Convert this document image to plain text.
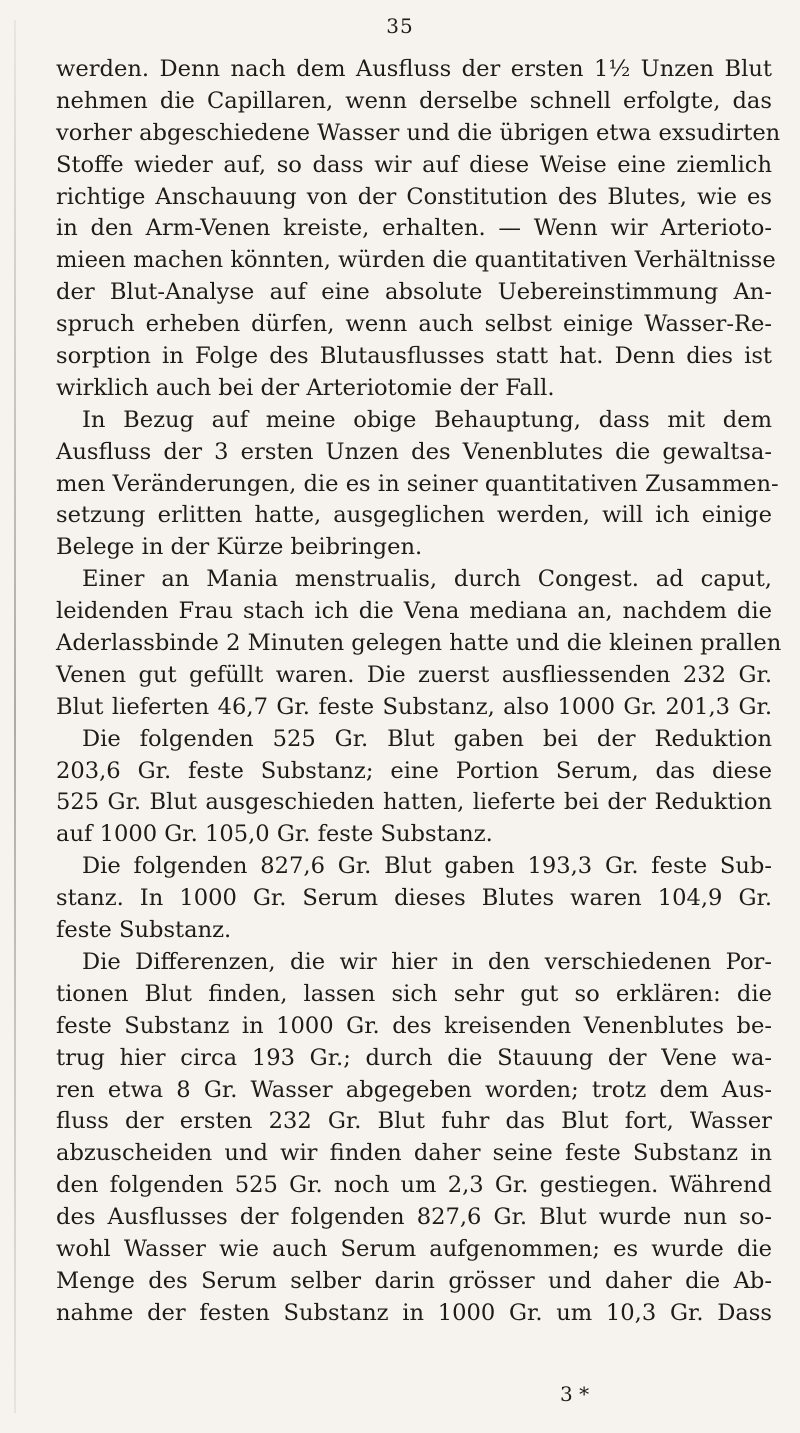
35
werden. Denn nach dem Ausfluss der ersten 1½ Unzen Blut
nehmen die Capillaren, wenn derselbe schnell erfolgte, das
vorher abgeschiedene Wasser und die übrigen etwa exsudirten
Stoffe wieder auf, so dass wir auf diese Weise eine ziemlich
richtige Anschauung von der Constitution des Blutes, wie es
in den Arm-Venen kreiste, erhalten. — Wenn wir Arterioto-
mieen machen könnten, würden die quantitativen Verhältnisse
der Blut-Analyse auf eine absolute Uebereinstimmung An-
spruch erheben dürfen, wenn auch selbst einige Wasser-Re-
sorption in Folge des Blutausflusses statt hat. Denn dies ist
wirklich auch bei der Arteriotomie der Fall.
In Bezug auf meine obige Behauptung, dass mit dem
Ausfluss der 3 ersten Unzen des Venenblutes die gewaltsa-
men Veränderungen, die es in seiner quantitativen Zusammen-
setzung erlitten hatte, ausgeglichen werden, will ich einige
Belege in der Kürze beibringen.
Einer an Mania menstrualis, durch Congest. ad caput,
leidenden Frau stach ich die Vena mediana an, nachdem die
Aderlassbinde 2 Minuten gelegen hatte und die kleinen prallen
Venen gut gefüllt waren. Die zuerst ausfliessenden 232 Gr.
Blut lieferten 46,7 Gr. feste Substanz, also 1000 Gr. 201,3 Gr.
Die folgenden 525 Gr. Blut gaben bei der Reduktion
203,6 Gr. feste Substanz; eine Portion Serum, das diese
525 Gr. Blut ausgeschieden hatten, lieferte bei der Reduktion
auf 1000 Gr. 105,0 Gr. feste Substanz.
Die folgenden 827,6 Gr. Blut gaben 193,3 Gr. feste Sub-
stanz. In 1000 Gr. Serum dieses Blutes waren 104,9 Gr.
feste Substanz.
Die Differenzen, die wir hier in den verschiedenen Por-
tionen Blut finden, lassen sich sehr gut so erklären: die
feste Substanz in 1000 Gr. des kreisenden Venenblutes be-
trug hier circa 193 Gr.; durch die Stauung der Vene wa-
ren etwa 8 Gr. Wasser abgegeben worden; trotz dem Aus-
fluss der ersten 232 Gr. Blut fuhr das Blut fort, Wasser
abzuscheiden und wir finden daher seine feste Substanz in
den folgenden 525 Gr. noch um 2,3 Gr. gestiegen. Während
des Ausflusses der folgenden 827,6 Gr. Blut wurde nun so-
wohl Wasser wie auch Serum aufgenommen; es wurde die
Menge des Serum selber darin grösser und daher die Ab-
nahme der festen Substanz in 1000 Gr. um 10,3 Gr. Dass
3 *
